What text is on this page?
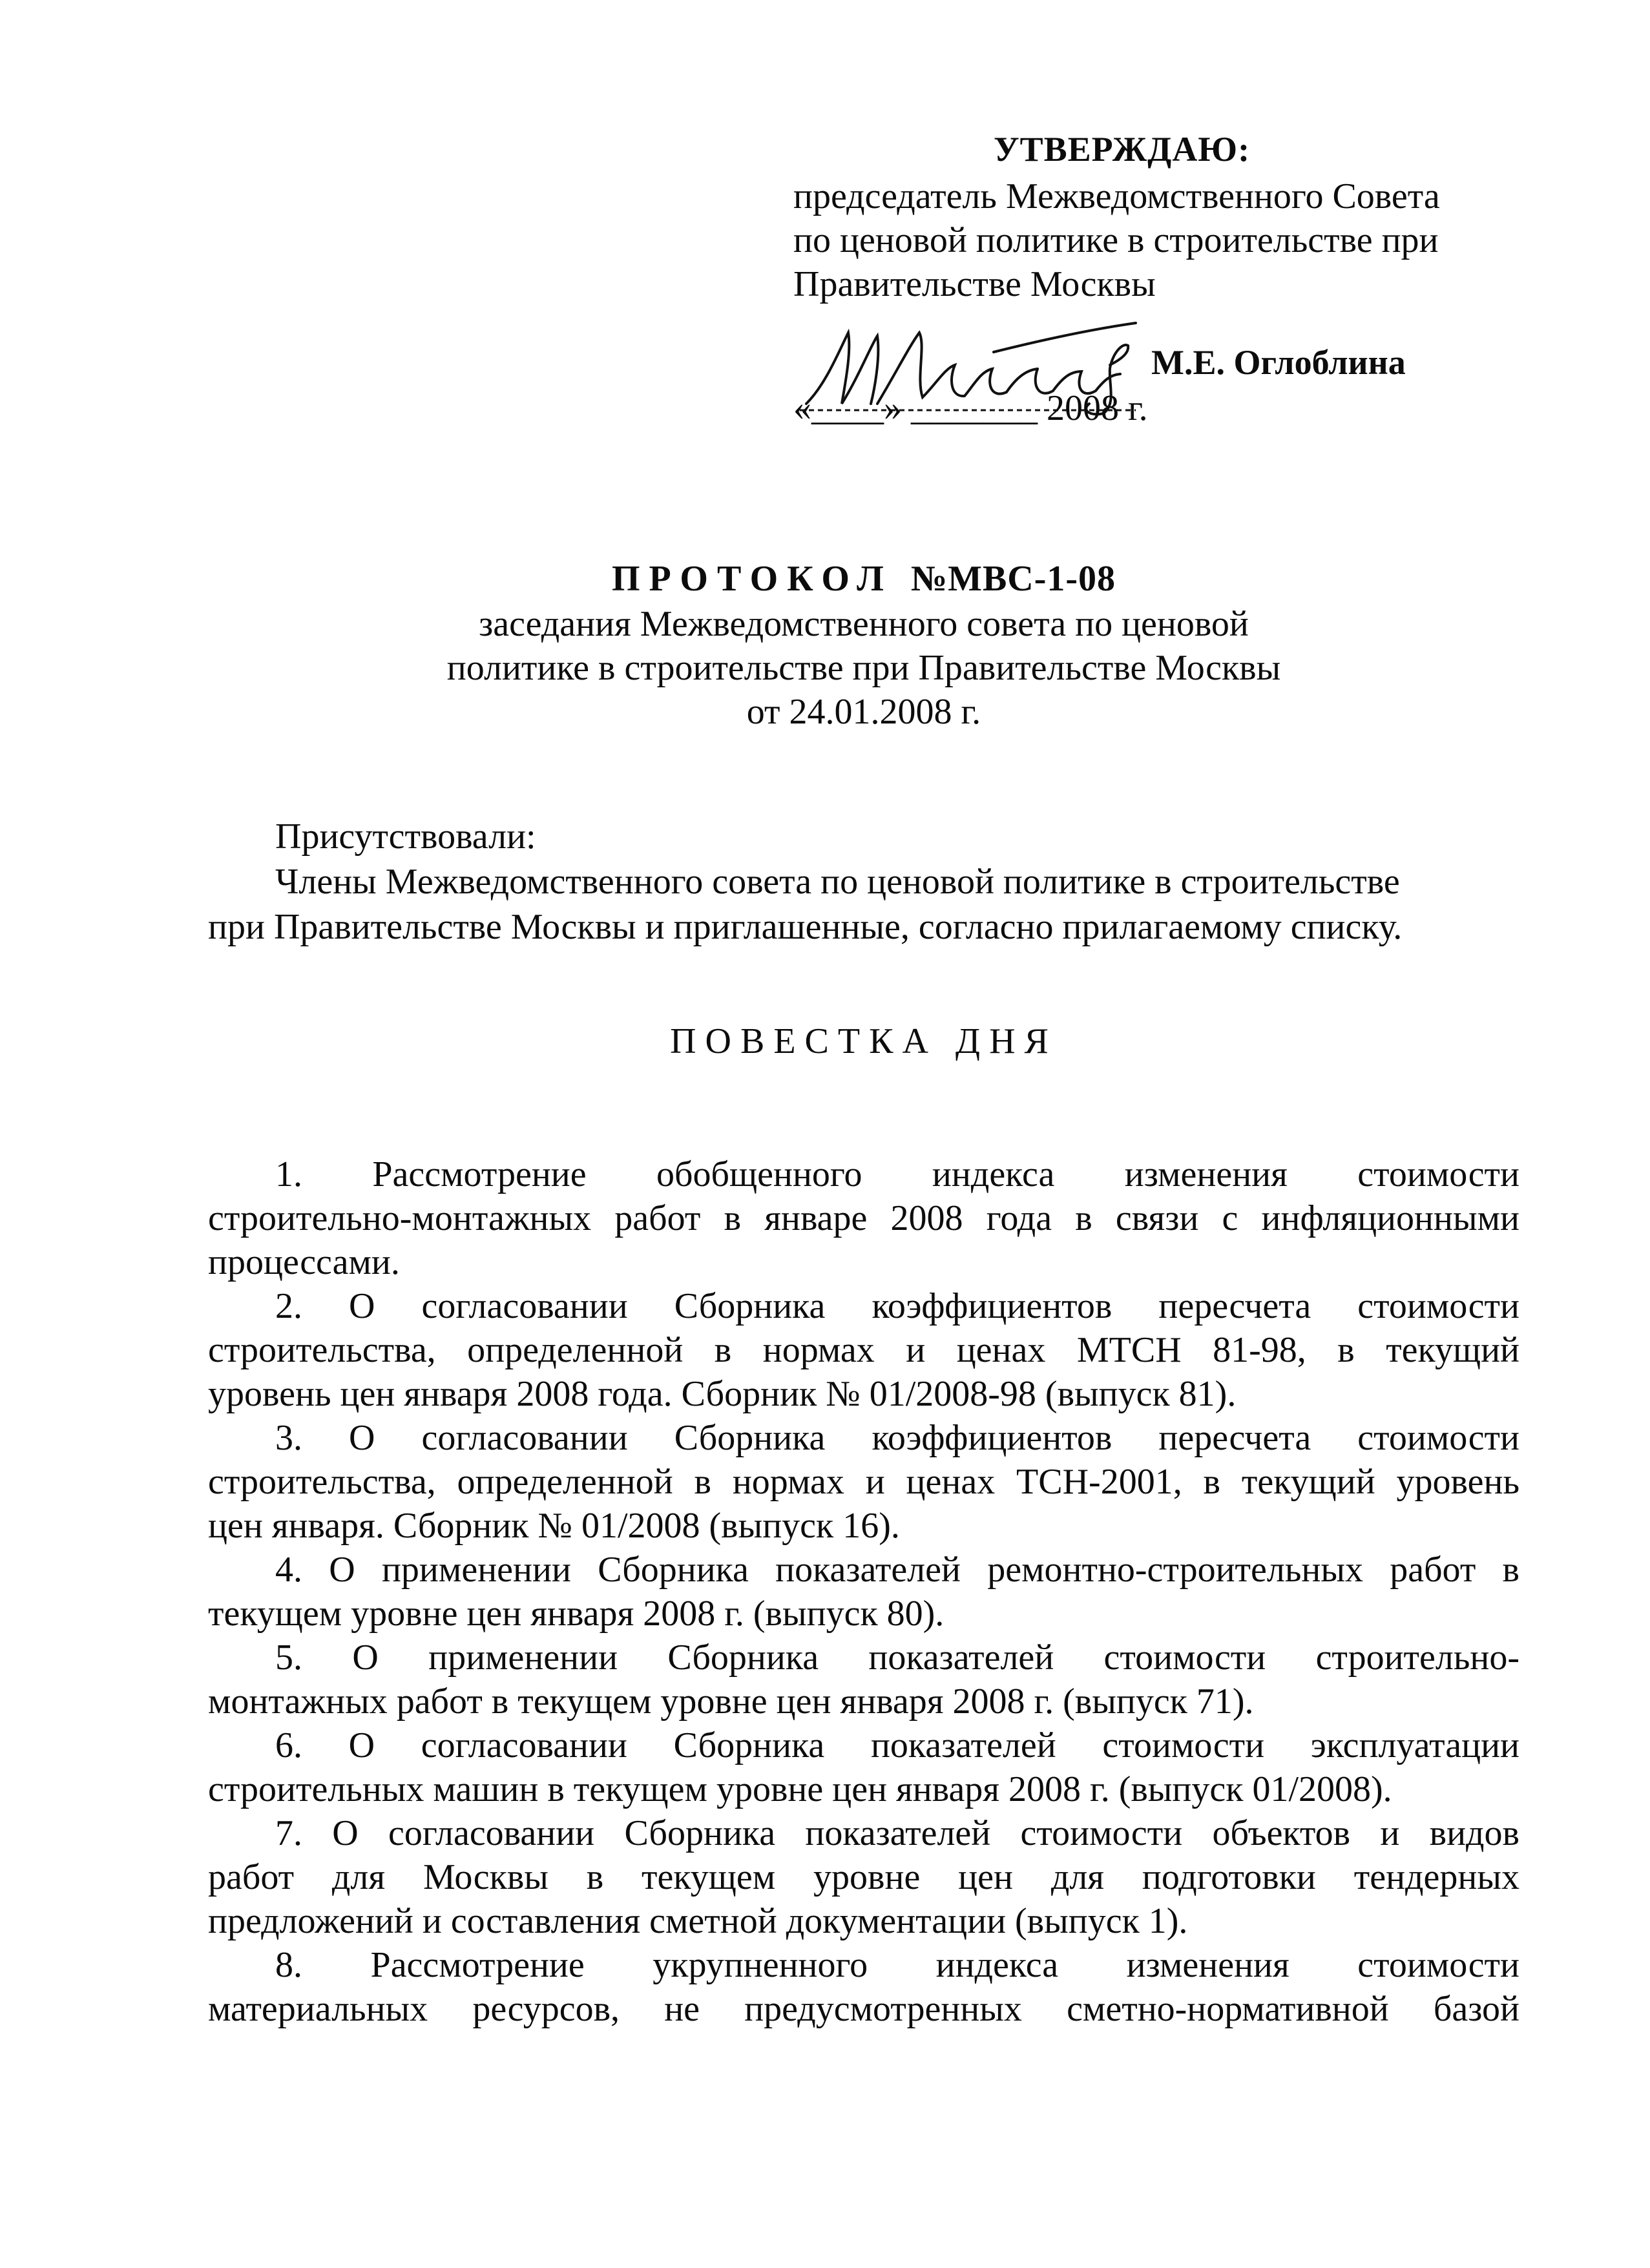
УТВЕРЖДАЮ:
председатель Межведомственного Совета
по ценовой политике в строительстве при
Правительстве Москвы
М.Е. Оглоблина
«____» _______ 2008 г.
ПРОТОКОЛ №МВС-1-08
заседания Межведомственного совета по ценовой
политике в строительстве при Правительстве Москвы
от 24.01.2008 г.
Присутствовали:
Члены Межведомственного совета по ценовой политике в строительстве
при Правительстве Москвы и приглашенные, согласно прилагаемому списку.
ПОВЕСТКА ДНЯ
1. Рассмотрение обобщенного индекса изменения стоимости
строительно-монтажных работ в январе 2008 года в связи с инфляционными
процессами.
2. О согласовании Сборника коэффициентов пересчета стоимости
строительства, определенной в нормах и ценах МТСН 81-98, в текущий
уровень цен января 2008 года. Сборник № 01/2008-98 (выпуск 81).
3. О согласовании Сборника коэффициентов пересчета стоимости
строительства, определенной в нормах и ценах ТСН-2001, в текущий уровень
цен января. Сборник № 01/2008 (выпуск 16).
4. О применении Сборника показателей ремонтно-строительных работ в
текущем уровне цен января 2008 г. (выпуск 80).
5. О применении Сборника показателей стоимости строительно-
монтажных работ в текущем уровне цен января 2008 г. (выпуск 71).
6. О согласовании Сборника показателей стоимости эксплуатации
строительных машин в текущем уровне цен января 2008 г. (выпуск 01/2008).
7. О согласовании Сборника показателей стоимости объектов и видов
работ для Москвы в текущем уровне цен для подготовки тендерных
предложений и составления сметной документации (выпуск 1).
8. Рассмотрение укрупненного индекса изменения стоимости
материальных ресурсов, не предусмотренных сметно-нормативной базой
